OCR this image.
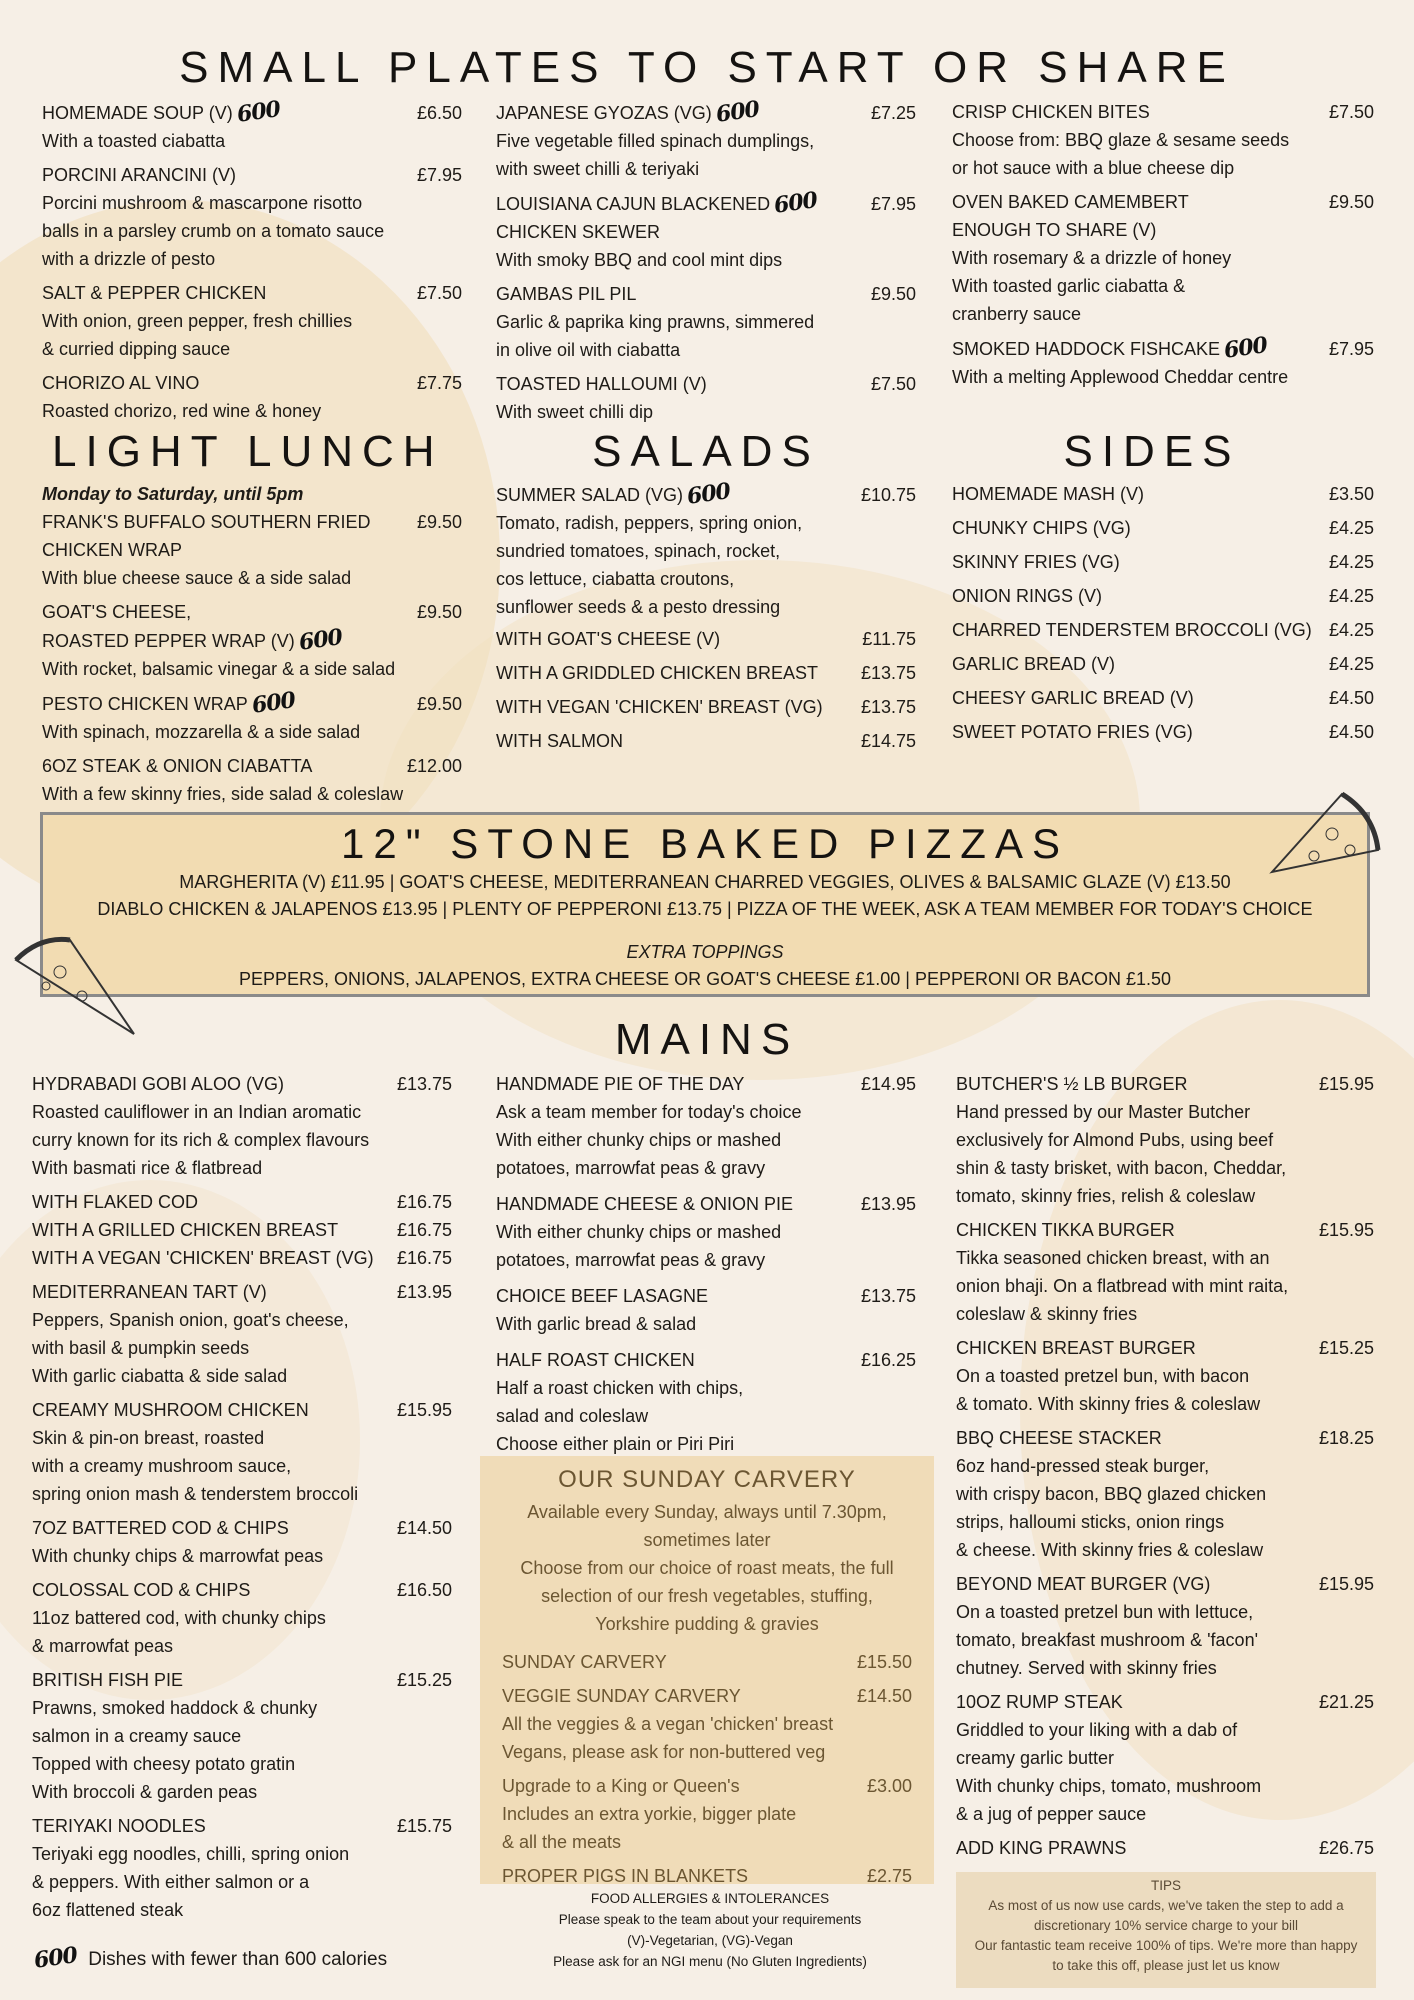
SMALL PLATES TO START OR SHARE
LIGHT LUNCH	SALADS	SIDES
MAINS
HOMEMADE SOUP (V) 600	£6.50
With a toasted ciabatta
PORCINI ARANCINI (V)	£7.95
Porcini mushroom & mascarpone risotto
balls in a parsley crumb on a tomato sauce
with a drizzle of pesto
SALT & PEPPER CHICKEN	£7.50
With onion, green pepper, fresh chillies
& curried dipping sauce
CHORIZO AL VINO	£7.75
Roasted chorizo, red wine & honey
JAPANESE GYOZAS (VG) 600	£7.25
Five vegetable filled spinach dumplings,
with sweet chilli & teriyaki
LOUISIANA CAJUN BLACKENED 600	£7.95
CHICKEN SKEWER
With smoky BBQ and cool mint dips
GAMBAS PIL PIL	£9.50
Garlic & paprika king prawns, simmered
in olive oil with ciabatta
TOASTED HALLOUMI (V)	£7.50
With sweet chilli dip
CRISP CHICKEN BITES	£7.50
Choose from: BBQ glaze & sesame seeds
or hot sauce with a blue cheese dip
OVEN BAKED CAMEMBERT	£9.50
ENOUGH TO SHARE (V)
With rosemary & a drizzle of honey
With toasted garlic ciabatta &
cranberry sauce
SMOKED HADDOCK FISHCAKE 600	£7.95
With a melting Applewood Cheddar centre
Monday to Saturday, until 5pm
FRANK'S BUFFALO SOUTHERN FRIED	£9.50
CHICKEN WRAP
With blue cheese sauce & a side salad
GOAT'S CHEESE,	£9.50
ROASTED PEPPER WRAP (V) 600
With rocket, balsamic vinegar & a side salad
PESTO CHICKEN WRAP 600	£9.50
With spinach, mozzarella & a side salad
6OZ STEAK & ONION CIABATTA	£12.00
With a few skinny fries, side salad & coleslaw
SUMMER SALAD (VG) 600	£10.75
Tomato, radish, peppers, spring onion,
sundried tomatoes, spinach, rocket,
cos lettuce, ciabatta croutons,
sunflower seeds & a pesto dressing
WITH GOAT'S CHEESE (V)	£11.75
WITH A GRIDDLED CHICKEN BREAST	£13.75
WITH VEGAN 'CHICKEN' BREAST (VG)	£13.75
WITH SALMON	£14.75
HOMEMADE MASH (V)	£3.50
CHUNKY CHIPS (VG)	£4.25
SKINNY FRIES (VG)	£4.25
ONION RINGS (V)	£4.25
CHARRED TENDERSTEM BROCCOLI (VG) £4.25
GARLIC BREAD (V)	£4.25
CHEESY GARLIC BREAD (V)	£4.50
SWEET POTATO FRIES (VG)	£4.50
12" STONE BAKED PIZZAS
MARGHERITA (V) £11.95 | GOAT'S CHEESE, MEDITERRANEAN CHARRED VEGGIES, OLIVES & BALSAMIC GLAZE (V) £13.50
DIABLO CHICKEN & JALAPENOS £13.95 | PLENTY OF PEPPERONI £13.75 | PIZZA OF THE WEEK, ASK A TEAM MEMBER FOR TODAY'S CHOICE
EXTRA TOPPINGS
PEPPERS, ONIONS, JALAPENOS, EXTRA CHEESE OR GOAT'S CHEESE £1.00 | PEPPERONI OR BACON £1.50
HYDRABADI GOBI ALOO (VG)	£13.75
Roasted cauliflower in an Indian aromatic
curry known for its rich & complex flavours
With basmati rice & flatbread
WITH FLAKED COD	£16.75
WITH A GRILLED CHICKEN BREAST	£16.75
WITH A VEGAN 'CHICKEN' BREAST (VG)	£16.75
MEDITERRANEAN TART (V)	£13.95
Peppers, Spanish onion, goat's cheese,
with basil & pumpkin seeds
With garlic ciabatta & side salad
CREAMY MUSHROOM CHICKEN	£15.95
Skin & pin-on breast, roasted
with a creamy mushroom sauce,
spring onion mash & tenderstem broccoli
7OZ BATTERED COD & CHIPS	£14.50
With chunky chips & marrowfat peas
COLOSSAL COD & CHIPS	£16.50
11oz battered cod, with chunky chips
& marrowfat peas
BRITISH FISH PIE	£15.25
Prawns, smoked haddock & chunky
salmon in a creamy sauce
Topped with cheesy potato gratin
With broccoli & garden peas
TERIYAKI NOODLES	£15.75
Teriyaki egg noodles, chilli, spring onion
& peppers. With either salmon or a
6oz flattened steak
HANDMADE PIE OF THE DAY	£14.95
Ask a team member for today's choice
With either chunky chips or mashed
potatoes, marrowfat peas & gravy
HANDMADE CHEESE & ONION PIE	£13.95
With either chunky chips or mashed
potatoes, marrowfat peas & gravy
CHOICE BEEF LASAGNE	£13.75
With garlic bread & salad
HALF ROAST CHICKEN	£16.25
Half a roast chicken with chips,
salad and coleslaw
Choose either plain or Piri Piri
BUTCHER'S ½ LB BURGER	£15.95
Hand pressed by our Master Butcher
exclusively for Almond Pubs, using beef
shin & tasty brisket, with bacon, Cheddar,
tomato, skinny fries, relish & coleslaw
CHICKEN TIKKA BURGER	£15.95
Tikka seasoned chicken breast, with an
onion bhaji. On a flatbread with mint raita,
coleslaw & skinny fries
CHICKEN BREAST BURGER	£15.25
On a toasted pretzel bun, with bacon
& tomato. With skinny fries & coleslaw
BBQ CHEESE STACKER	£18.25
6oz hand-pressed steak burger,
with crispy bacon, BBQ glazed chicken
strips, halloumi sticks, onion rings
& cheese. With skinny fries & coleslaw
BEYOND MEAT BURGER (VG)	£15.95
On a toasted pretzel bun with lettuce,
tomato, breakfast mushroom & 'facon'
chutney. Served with skinny fries
10OZ RUMP STEAK	£21.25
Griddled to your liking with a dab of
creamy garlic butter
With chunky chips, tomato, mushroom
& a jug of pepper sauce
ADD KING PRAWNS	£26.75
OUR SUNDAY CARVERY
Available every Sunday, always until 7.30pm,
sometimes later
Choose from our choice of roast meats, the full
selection of our fresh vegetables, stuffing,
Yorkshire pudding & gravies
SUNDAY CARVERY	£15.50
VEGGIE SUNDAY CARVERY	£14.50
All the veggies & a vegan 'chicken' breast
Vegans, please ask for non-buttered veg
Upgrade to a King or Queen's	£3.00
Includes an extra yorkie, bigger plate
& all the meats
PROPER PIGS IN BLANKETS	£2.75
FOOD ALLERGIES & INTOLERANCES
Please speak to the team about your requirements
(V)-Vegetarian, (VG)-Vegan
Please ask for an NGI menu (No Gluten Ingredients)
TIPS
As most of us now use cards, we've taken the step to add a
discretionary 10% service charge to your bill
Our fantastic team receive 100% of tips. We're more than happy
to take this off, please just let us know
600 Dishes with fewer than 600 calories
